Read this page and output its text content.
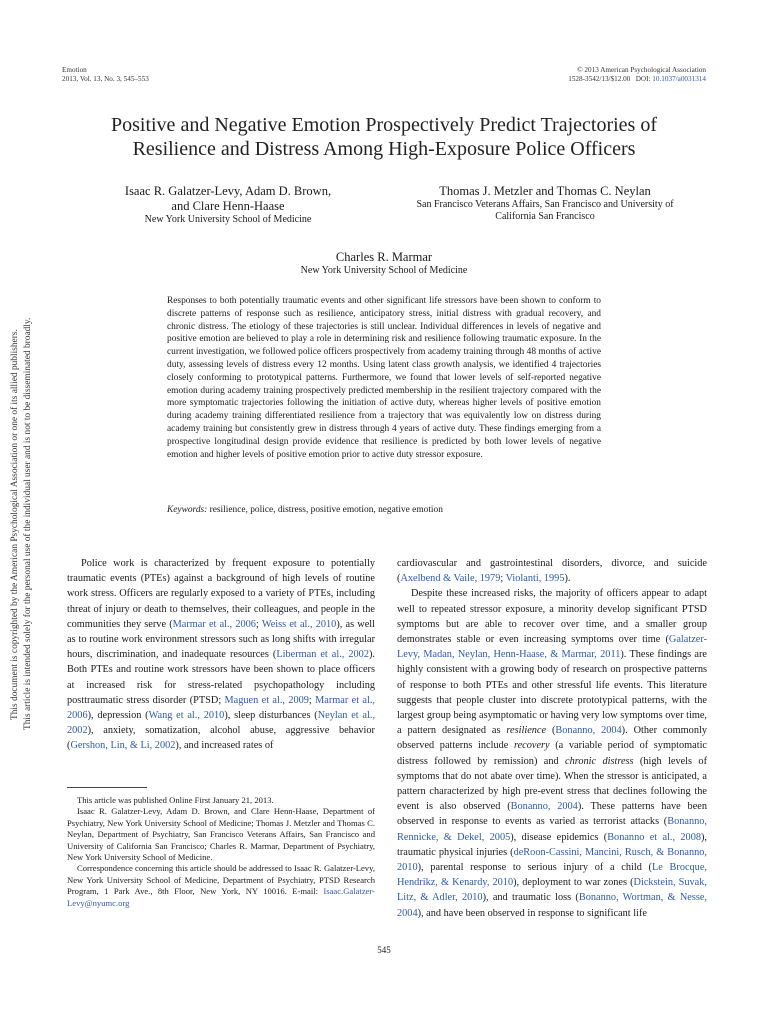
Emotion
2013, Vol. 13, No. 3, 545–553
© 2013 American Psychological Association
1528-3542/13/$12.00 DOI: 10.1037/a0031314
Positive and Negative Emotion Prospectively Predict Trajectories of
Resilience and Distress Among High-Exposure Police Officers
Isaac R. Galatzer-Levy, Adam D. Brown,
and Clare Henn-Haase
New York University School of Medicine
Thomas J. Metzler and Thomas C. Neylan
San Francisco Veterans Affairs, San Francisco and University of
California San Francisco
Charles R. Marmar
New York University School of Medicine
Responses to both potentially traumatic events and other significant life stressors have been shown to conform to discrete patterns of response such as resilience, anticipatory stress, initial distress with gradual recovery, and chronic distress. The etiology of these trajectories is still unclear. Individual differences in levels of negative and positive emotion are believed to play a role in determining risk and resilience following traumatic exposure. In the current investigation, we followed police officers prospectively from academy training through 48 months of active duty, assessing levels of distress every 12 months. Using latent class growth analysis, we identified 4 trajectories closely conforming to prototypical patterns. Furthermore, we found that lower levels of self-reported negative emotion during academy training prospectively predicted membership in the resilient trajectory compared with the more symptomatic trajectories following the initiation of active duty, whereas higher levels of positive emotion during academy training differentiated resilience from a trajectory that was equivalently low on distress during academy training but consistently grew in distress through 4 years of active duty. These findings emerging from a prospective longitudinal design provide evidence that resilience is predicted by both lower levels of negative emotion and higher levels of positive emotion prior to active duty stressor exposure.
Keywords: resilience, police, distress, positive emotion, negative emotion

Police work is characterized by frequent exposure to potentially traumatic events (PTEs) against a background of high levels of routine work stress. Officers are regularly exposed to a variety of PTEs, including threat of injury or death to themselves, their colleagues, and people in the communities they serve (Marmar et al., 2006; Weiss et al., 2010), as well as to routine work environment stressors such as long shifts with irregular hours, discrimination, and inadequate resources (Liberman et al., 2002). Both PTEs and routine work stressors have been shown to place officers at increased risk for stress-related psychopathology including posttraumatic stress disorder (PTSD; Maguen et al., 2009; Marmar et al., 2006), depression (Wang et al., 2010), sleep disturbances (Neylan et al., 2002), anxiety, somatization, alcohol abuse, aggressive behavior (Gershon, Lin, & Li, 2002), and increased rates of

This article was published Online First January 21, 2013.

Isaac R. Galatzer-Levy, Adam D. Brown, and Clare Henn-Haase, Department of Psychiatry, New York University School of Medicine; Thomas J. Metzler and Thomas C. Neylan, Department of Psychiatry, San Francisco Veterans Affairs, San Francisco and University of California San Francisco; Charles R. Marmar, Department of Psychiatry, New York University School of Medicine.

Correspondence concerning this article should be addressed to Isaac R. Galatzer-Levy, New York University School of Medicine, Department of Psychiatry, PTSD Research Program, 1 Park Ave., 8th Floor, New York, NY 10016. E-mail: Isaac.Galatzer-Levy@nyumc.org

cardiovascular and gastrointestinal disorders, divorce, and suicide (Axelbend & Vaile, 1979; Violanti, 1995).

Despite these increased risks, the majority of officers appear to adapt well to repeated stressor exposure, a minority develop significant PTSD symptoms but are able to recover over time, and a smaller group demonstrates stable or even increasing symptoms over time (Galatzer-Levy, Madan, Neylan, Henn-Haase, & Marmar, 2011). These findings are highly consistent with a growing body of research on prospective patterns of response to both PTEs and other stressful life events. This literature suggests that people cluster into discrete prototypical patterns, with the largest group being asymptomatic or having very low symptoms over time, a pattern designated as resilience (Bonanno, 2004). Other commonly observed patterns include recovery (a variable period of symptomatic distress followed by remission) and chronic distress (high levels of symptoms that do not abate over time). When the stressor is anticipated, a pattern characterized by high pre-event stress that declines following the event is also observed (Bonanno, 2004). These patterns have been observed in response to events as varied as terrorist attacks (Bonanno, Rennicke, & Dekel, 2005), disease epidemics (Bonanno et al., 2008), traumatic physical injuries (deRoon-Cassini, Mancini, Rusch, & Bonanno, 2010), parental response to serious injury of a child (Le Brocque, Hendrikz, & Kenardy, 2010), deployment to war zones (Dickstein, Suvak, Litz, & Adler, 2010), and traumatic loss (Bonanno, Wortman, & Nesse, 2004), and have been observed in response to significant life

This document is copyrighted by the American Psychological Association or one of its allied publishers. This article is intended solely for the personal use of the individual user and is not to be disseminated broadly.
545
